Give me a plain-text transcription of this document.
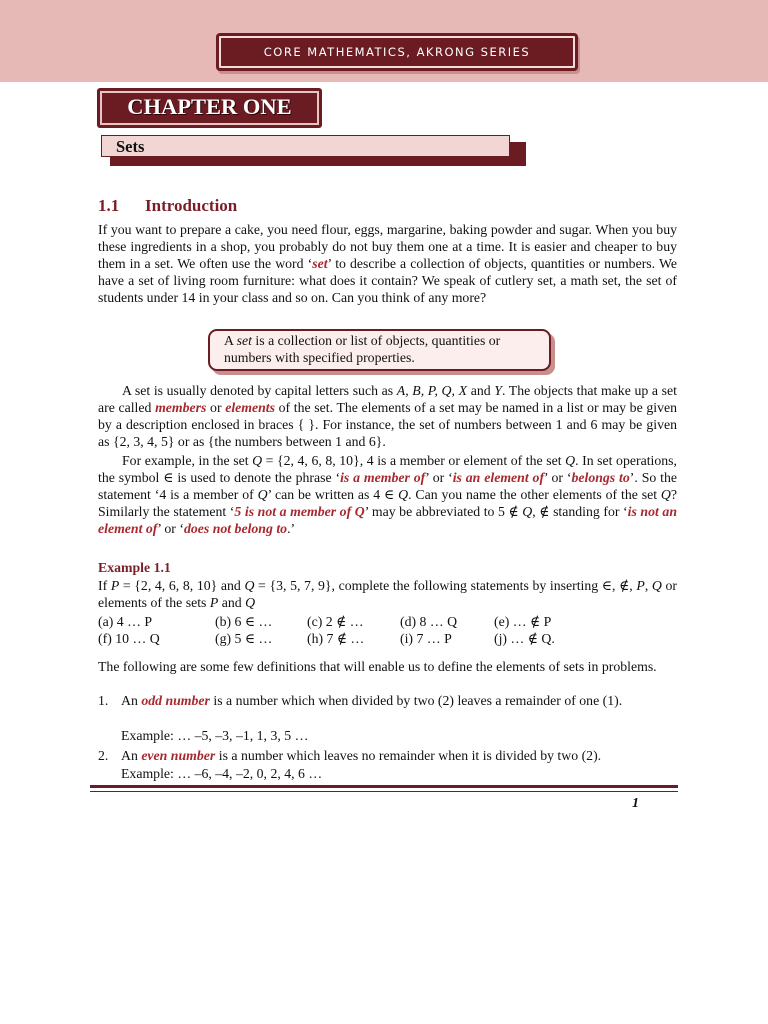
CORE MATHEMATICS, AKRONG SERIES
CHAPTER ONE
Sets
1.1 Introduction

If you want to prepare a cake, you need flour, eggs, margarine, baking powder and sugar. When you buy these ingredients in a shop, you probably do not buy them one at a time. It is easier and cheaper to buy them in a set. We often use the word ‘set’ to describe a collection of objects, quantities or numbers. We have a set of living room furniture: what does it contain? We speak of cutlery set, a math set, the set of students under 14 in your class and so on. Can you think of any more?

A set is a collection or list of objects, quantities or numbers with specified properties.

A set is usually denoted by capital letters such as A, B, P, Q, X and Y. The objects that make up a set are called members or elements of the set. The elements of a set may be named in a list or may be given by a description enclosed in braces { }. For instance, the set of numbers between 1 and 6 may be given as {2, 3, 4, 5} or as {the numbers between 1 and 6}.

For example, in the set Q = {2, 4, 6, 8, 10}, 4 is a member or element of the set Q. In set operations, the symbol ∈ is used to denote the phrase ‘is a member of’ or ‘is an element of’ or ‘belongs to’. So the statement ‘4 is a member of Q’ can be written as 4 ∈ Q. Can you name the other elements of the set Q? Similarly the statement ‘5 is not a member of Q’ may be abbreviated to 5 ∉ Q, ∉ standing for ‘is not an element of’ or ‘does not belong to.’

Example 1.1

If P = {2, 4, 6, 8, 10} and Q = {3, 5, 7, 9}, complete the following statements by inserting ∈, ∉, P, Q or elements of the sets P and Q

(a) 4 … P	(b) 6 ∈ …	(c) 2 ∉ …	(d) 8 … Q	(e) … ∉ P
(f) 10 … Q	(g) 5 ∈ …	(h) 7 ∉ …	(i) 7 … P	(j) … ∉ Q.

The following are some few definitions that will enable us to define the elements of sets in problems.

1. An odd number is a number which when divided by two (2) leaves a remainder of one (1).
Example: … –5, –3, –1, 1, 3, 5 …
2. An even number is a number which leaves no remainder when it is divided by two (2).
Example: … –6, –4, –2, 0, 2, 4, 6 …
1
